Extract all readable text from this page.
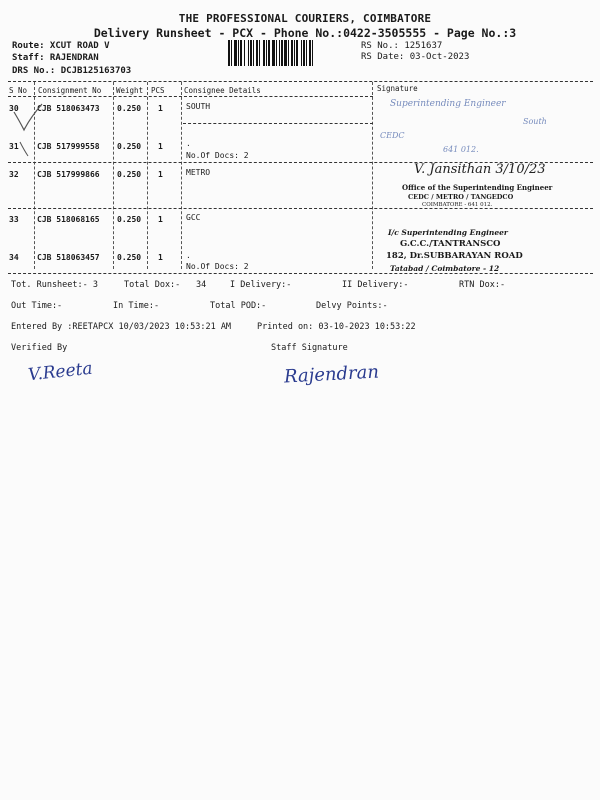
THE PROFESSIONAL COURIERS, COIMBATORE
Delivery Runsheet - PCX - Phone No.:0422-3505555 - Page No.:3
Route: XCUT ROAD V
Staff: RAJENDRAN
DRS No.: DCJB125163703
RS No.: 1251637
RS Date: 03-Oct-2023
S No Consignment No Weight PCS	Consignee Details	Signature
30 CJB 518063473 0.250 1	SOUTH
31 CJB 517999558 0.250 1	.
No.Of Docs: 2
32 CJB 517999866 0.250 1	METRO
33 CJB 518068165 0.250 1	GCC
34 CJB 518063457 0.250 1	.
No.Of Docs: 2
Superintending Engineer
South
CEDC
641 012.
V. Jansithan 3/10/23
Office of the Superintending Engineer
CEDC / METRO / TANGEDCO
COIMBATORE - 641 012.
I/c Superintending Engineer
G.C.C./TANTRANSCO
182, Dr.SUBBARAYAN ROAD
Tatabad / Coimbatore - 12
Tot. Runsheet:- 3	Total Dox:- 34	I Delivery:-	II Delivery:-	RTN Dox:-
Out Time:-	In Time:-	Total POD:-	Delvy Points:-
Entered By :REETAPCX 10/03/2023 10:53:21 AM	Printed on: 03-10-2023 10:53:22
Verified By	Staff Signature
V.Reeta	Rajendran
